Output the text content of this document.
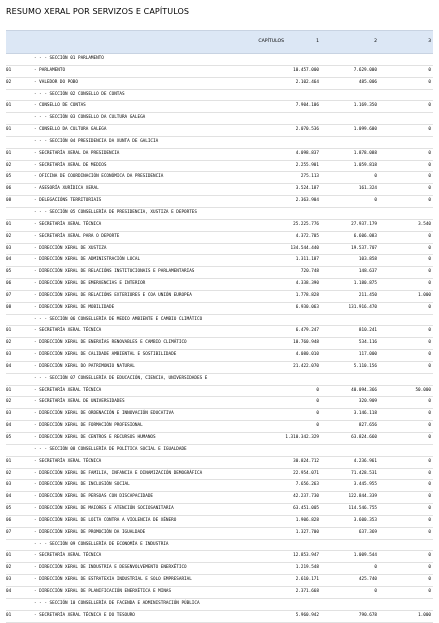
RESUMO XERAL POR SERVIZOS E CAPÍTULOS
CAPÍTULOS	1	2	3
- - - SECCIÓN 01 PARLAMENTO
01	- PARLAMENTO	10.457.000	7.629.000	0
02	- VALEDOR DO POBO	2.102.464	485.006	0
- - - SECCIÓN 02 CONSELLO DE CONTAS
01	- CONSELLO DE CONTAS	7.904.106	1.169.350	0
- - - SECCIÓN 03 CONSELLO DA CULTURA GALEGA
01	- CONSELLO DA CULTURA GALEGA	2.070.536	1.099.600	0
- - - SECCIÓN 04 PRESIDENCIA DA XUNTA DE GALICIA
01	- SECRETARÍA XERAL DA PRESIDENCIA	4.098.837	1.878.088	0
02	- SECRETARÍA XERAL DE MEDIOS	2.255.901	1.059.818	0
05	- OFICINA DE COORDINACIÓN ECONÓMICA DA PRESIDENCIA	275.113	0	0
06	- ASESORÍA XURÍDICA XERAL	3.524.187	161.324	0
08	- DELEGACIÓNS TERRITORIAIS	2.363.904	0	0
- - - SECCIÓN 05 CONSELLERÍA DE PRESIDENCIA, XUSTIZA E DEPORTES
01	- SECRETARÍA XERAL TÉCNICA	25.225.776	27.937.179	3.540
02	- SECRETARÍA XERAL PARA O DEPORTE	4.372.705	6.606.083	0
03	- DIRECCIÓN XERAL DE XUSTIZA	134.544.440	19.537.707	0
04	- DIRECCIÓN XERAL DE ADMINISTRACIÓN LOCAL	1.311.187	103.858	0
05	- DIRECCIÓN XERAL DE RELACIÓNS INSTITUCIONAIS E PARLAMENTARIAS	720.748	148.637	0
06	- DIRECCIÓN XERAL DE EMERXENCIAS E INTERIOR	4.338.390	1.180.875	0
07	- DIRECCIÓN XERAL DE RELACIÓNS EXTERIORES E COA UNIÓN EUROPEA	1.778.828	211.450	1.000
08	- DIRECCIÓN XERAL DE MOBILIDADE	6.930.063	131.916.470	0
- - - SECCIÓN 06 CONSELLERÍA DE MEDIO AMBIENTE E CAMBIO CLIMÁTICO
01	- SECRETARÍA XERAL TÉCNICA	6.479.247	810.241	0
02	- DIRECCIÓN XERAL DE ENERXÍAS RENOVABLES E CAMBIO CLIMÁTICO	10.760.948	534.116	0
03	- DIRECCIÓN XERAL DE CALIDADE AMBIENTAL E SOSTIBILIDADE	4.080.010	117.000	0
04	- DIRECCIÓN XERAL DO PATRIMONIO NATURAL	21.422.070	5.110.156	0
- - - SECCIÓN 07 CONSELLERÍA DE EDUCACIÓN, CIENCIA, UNIVERSIDADES E
01	- SECRETARÍA XERAL TÉCNICA	0	40.094.366	50.000
02	- SECRETARÍA XERAL DE UNIVERSIDADES	0	320.909	0
03	- DIRECCIÓN XERAL DE ORDENACIÓN E INNOVACIÓN EDUCATIVA	0	3.146.118	0
04	- DIRECCIÓN XERAL DE FORMACIÓN PROFESIONAL	0	827.656	0
05	- DIRECCIÓN XERAL DE CENTROS E RECURSOS HUMANOS	1.310.342.329	63.824.660	0
- - - SECCIÓN 08 CONSELLERÍA DE POLÍTICA SOCIAL E IGUALDADE
01	- SECRETARÍA XERAL TÉCNICA	30.824.712	4.236.961	0
02	- DIRECCIÓN XERAL DE FAMILIA, INFANCIA E DINAMIZACIÓN DEMOGRÁFICA	22.954.071	71.428.531	0
03	- DIRECCIÓN XERAL DE INCLUSIÓN SOCIAL	7.656.263	3.445.955	0
04	- DIRECCIÓN XERAL DE PERSOAS CON DISCAPACIDADE	42.237.730	122.844.339	0
05	- DIRECCIÓN XERAL DE MAIORES E ATENCIÓN SOCIOSANITARIA	63.451.005	114.546.755	0
06	- DIRECCIÓN XERAL DE LOITA CONTRA A VIOLENCIA DE XÉNERO	1.906.828	3.600.353	0
07	- DIRECCIÓN XERAL DE PROMOCIÓN DA IGUALDADE	1.327.700	637.369	0
- - - SECCIÓN 09 CONSELLERÍA DE ECONOMÍA E INDUSTRIA
01	- SECRETARÍA XERAL TÉCNICA	12.853.947	1.009.544	0
02	- DIRECCIÓN XERAL DE INDUSTRIA E DESENVOLVEMENTO ENERXÉTICO	1.219.548	0	0
03	- DIRECCIÓN XERAL DE ESTRATEXIA INDUSTRIAL E SOLO EMPRESARIAL	2.610.171	425.740	0
04	- DIRECCIÓN XERAL DE PLANIFICACIÓN ENERXÉTICA E MINAS	2.371.668	0	0
- - - SECCIÓN 10 CONSELLERÍA DE FACENDA E ADMINISTRACIÓN PÚBLICA
01	- SECRETARÍA XERAL TÉCNICA E DO TESOURO	5.960.942	790.678	1.000
